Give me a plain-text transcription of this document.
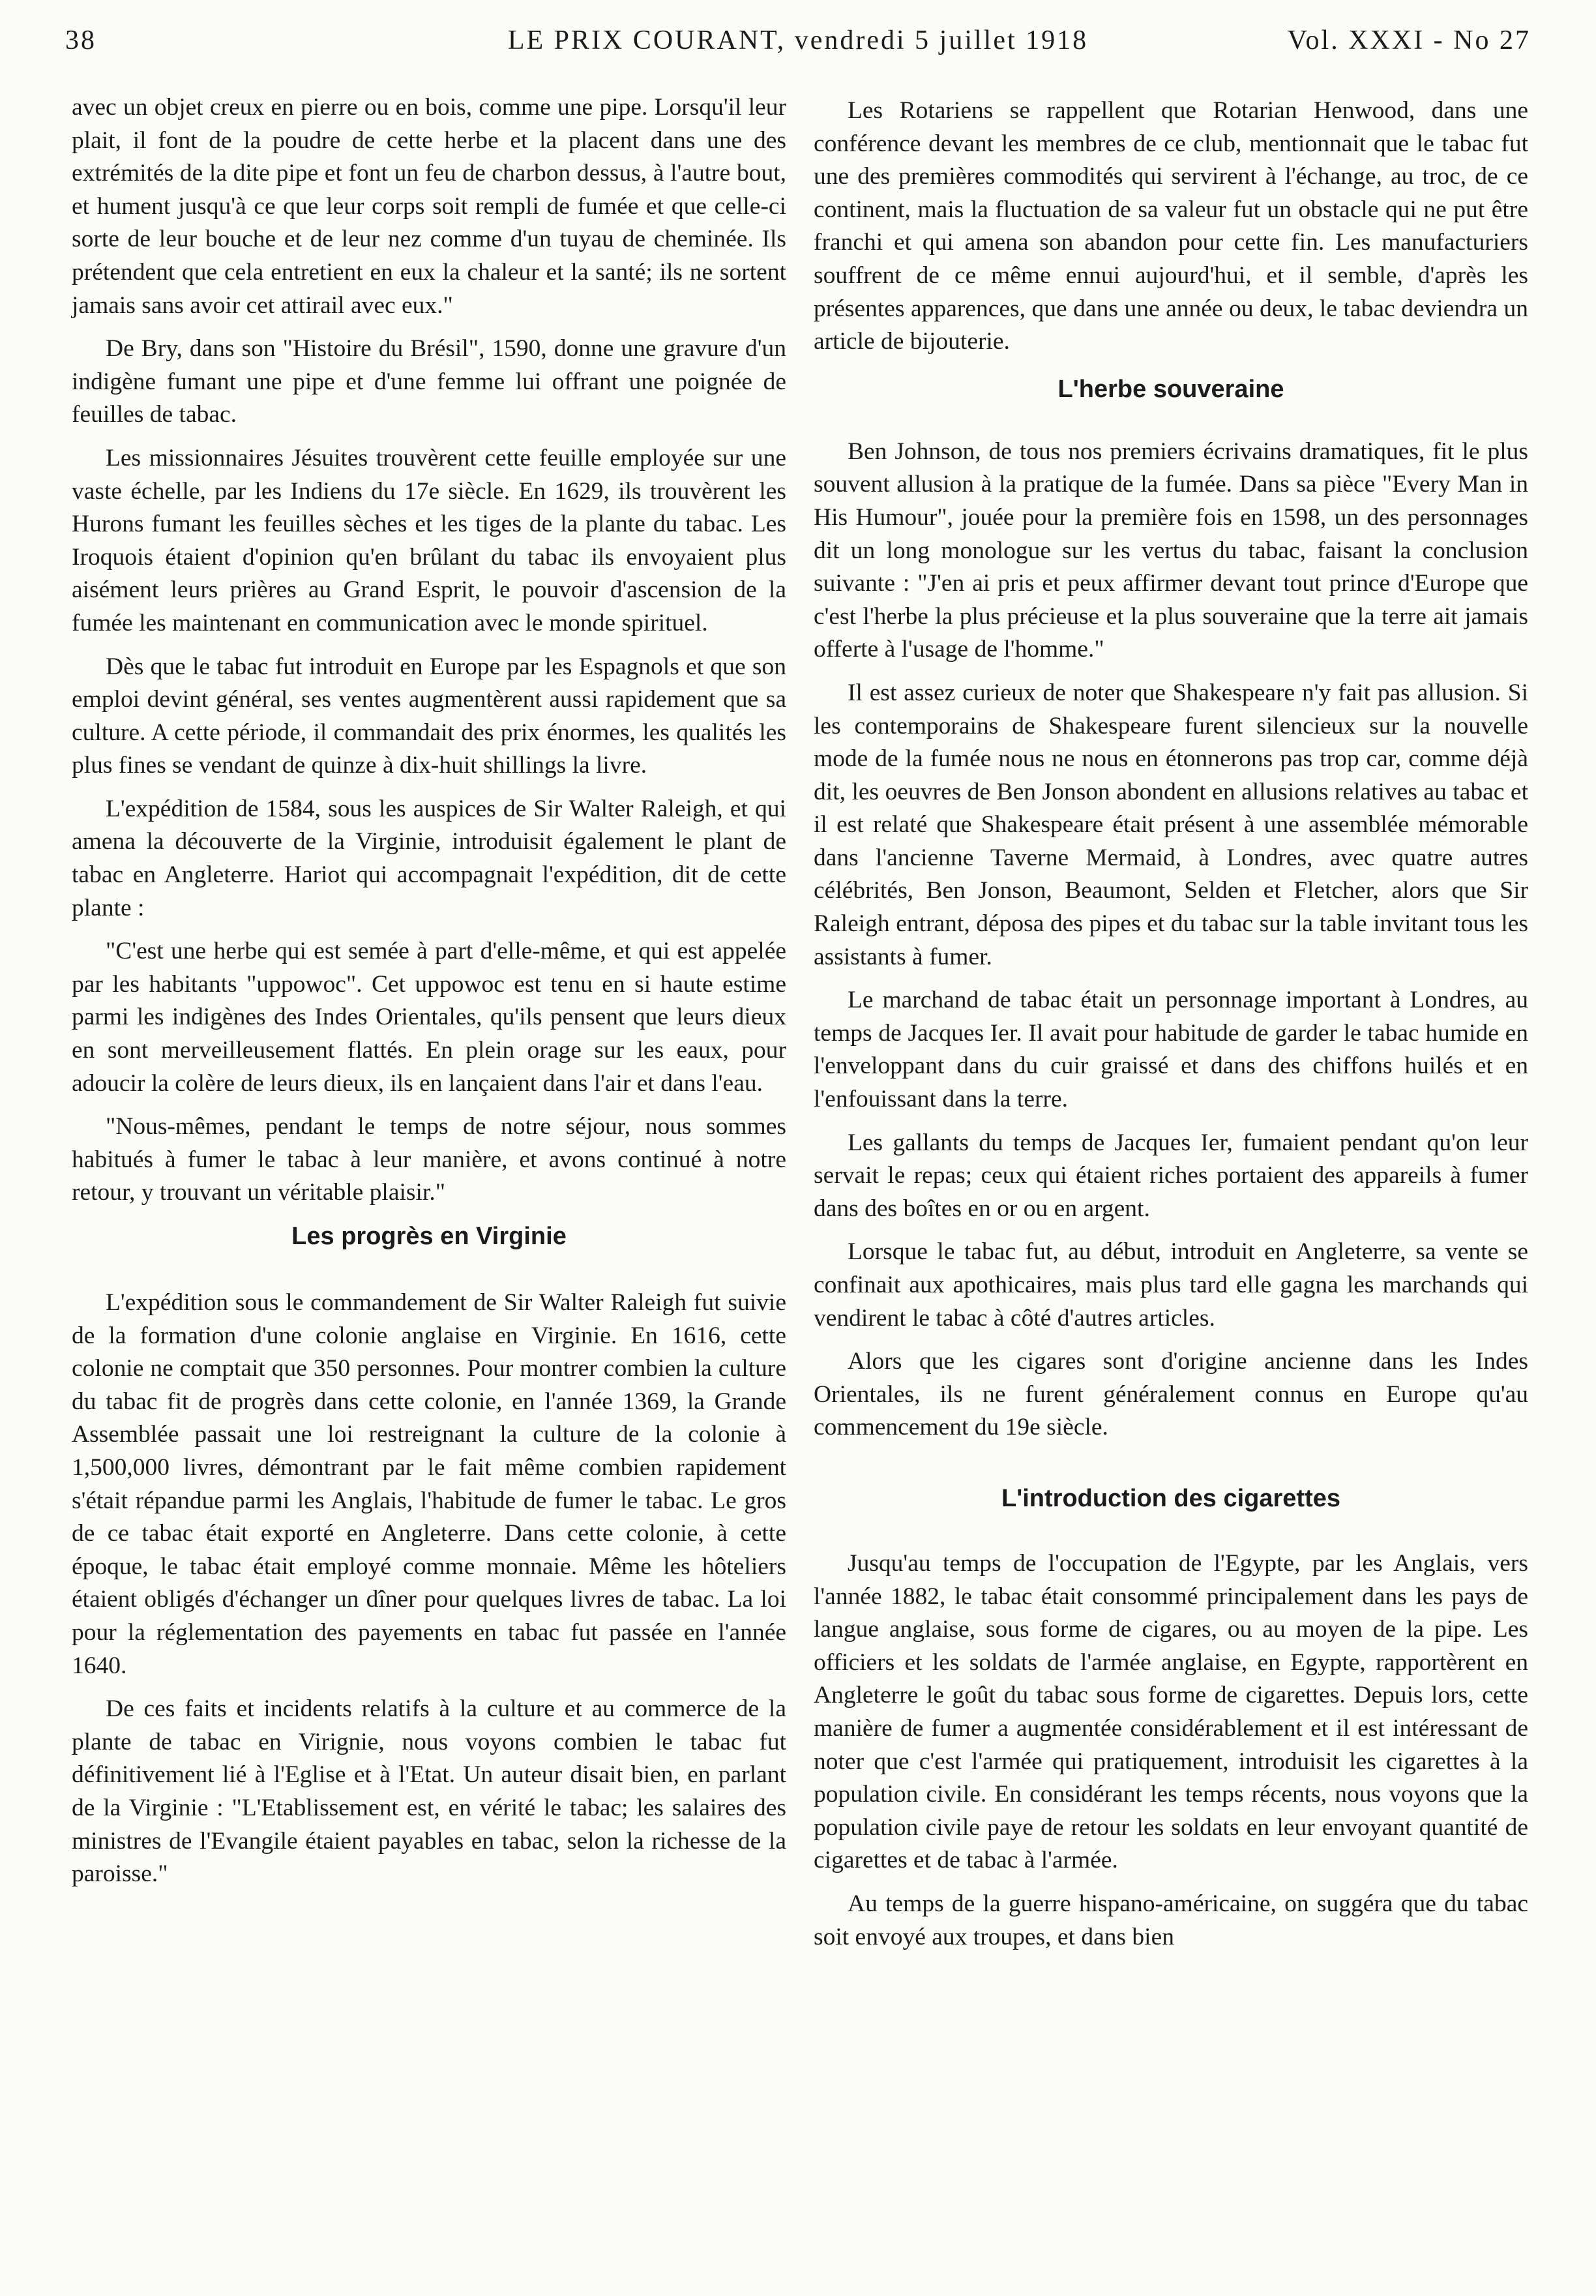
38	LE PRIX COURANT, vendredi 5 juillet 1918	Vol. XXXI - No 27

avec un objet creux en pierre ou en bois, comme une pipe. Lorsqu'il leur plait, il font de la poudre de cette herbe et la placent dans une des extrémités de la dite pipe et font un feu de charbon dessus, à l'autre bout, et hument jusqu'à ce que leur corps soit rempli de fumée et que celle-ci sorte de leur bouche et de leur nez comme d'un tuyau de cheminée. Ils prétendent que cela entretient en eux la chaleur et la santé; ils ne sortent jamais sans avoir cet attirail avec eux."

De Bry, dans son "Histoire du Brésil", 1590, donne une gravure d'un indigène fumant une pipe et d'une femme lui offrant une poignée de feuilles de tabac.

Les missionnaires Jésuites trouvèrent cette feuille employée sur une vaste échelle, par les Indiens du 17e siècle. En 1629, ils trouvèrent les Hurons fumant les feuilles sèches et les tiges de la plante du tabac. Les Iroquois étaient d'opinion qu'en brûlant du tabac ils envoyaient plus aisément leurs prières au Grand Esprit, le pouvoir d'ascension de la fumée les maintenant en communication avec le monde spirituel.

Dès que le tabac fut introduit en Europe par les Espagnols et que son emploi devint général, ses ventes augmentèrent aussi rapidement que sa culture. A cette période, il commandait des prix énormes, les qualités les plus fines se vendant de quinze à dix-huit shillings la livre.

L'expédition de 1584, sous les auspices de Sir Walter Raleigh, et qui amena la découverte de la Virginie, introduisit également le plant de tabac en Angleterre. Hariot qui accompagnait l'expédition, dit de cette plante :

"C'est une herbe qui est semée à part d'elle-même, et qui est appelée par les habitants "uppowoc". Cet uppowoc est tenu en si haute estime parmi les indigènes des Indes Orientales, qu'ils pensent que leurs dieux en sont merveilleusement flattés. En plein orage sur les eaux, pour adoucir la colère de leurs dieux, ils en lançaient dans l'air et dans l'eau.

"Nous-mêmes, pendant le temps de notre séjour, nous sommes habitués à fumer le tabac à leur manière, et avons continué à notre retour, y trouvant un véritable plaisir."

Les progrès en Virginie

L'expédition sous le commandement de Sir Walter Raleigh fut suivie de la formation d'une colonie anglaise en Virginie. En 1616, cette colonie ne comptait que 350 personnes. Pour montrer combien la culture du tabac fit de progrès dans cette colonie, en l'année 1369, la Grande Assemblée passait une loi restreignant la culture de la colonie à 1,500,000 livres, démontrant par le fait même combien rapidement s'était répandue parmi les Anglais, l'habitude de fumer le tabac. Le gros de ce tabac était exporté en Angleterre. Dans cette colonie, à cette époque, le tabac était employé comme monnaie. Même les hôteliers étaient obligés d'échanger un dîner pour quelques livres de tabac. La loi pour la réglementation des payements en tabac fut passée en l'année 1640.

De ces faits et incidents relatifs à la culture et au commerce de la plante de tabac en Virignie, nous voyons combien le tabac fut définitivement lié à l'Eglise et à l'Etat. Un auteur disait bien, en parlant de la Virginie : "L'Etablissement est, en vérité le tabac; les salaires des ministres de l'Evangile étaient payables en tabac, selon la richesse de la paroisse."

Les Rotariens se rappellent que Rotarian Henwood, dans une conférence devant les membres de ce club, mentionnait que le tabac fut une des premières commodités qui servirent à l'échange, au troc, de ce continent, mais la fluctuation de sa valeur fut un obstacle qui ne put être franchi et qui amena son abandon pour cette fin. Les manufacturiers souffrent de ce même ennui aujourd'hui, et il semble, d'après les présentes apparences, que dans une année ou deux, le tabac deviendra un article de bijouterie.

L'herbe souveraine

Ben Johnson, de tous nos premiers écrivains dramatiques, fit le plus souvent allusion à la pratique de la fumée. Dans sa pièce "Every Man in His Humour", jouée pour la première fois en 1598, un des personnages dit un long monologue sur les vertus du tabac, faisant la conclusion suivante : "J'en ai pris et peux affirmer devant tout prince d'Europe que c'est l'herbe la plus précieuse et la plus souveraine que la terre ait jamais offerte à l'usage de l'homme."

Il est assez curieux de noter que Shakespeare n'y fait pas allusion. Si les contemporains de Shakespeare furent silencieux sur la nouvelle mode de la fumée nous ne nous en étonnerons pas trop car, comme déjà dit, les oeuvres de Ben Jonson abondent en allusions relatives au tabac et il est relaté que Shakespeare était présent à une assemblée mémorable dans l'ancienne Taverne Mermaid, à Londres, avec quatre autres célébrités, Ben Jonson, Beaumont, Selden et Fletcher, alors que Sir Raleigh entrant, déposa des pipes et du tabac sur la table invitant tous les assistants à fumer.

Le marchand de tabac était un personnage important à Londres, au temps de Jacques Ier. Il avait pour habitude de garder le tabac humide en l'enveloppant dans du cuir graissé et dans des chiffons huilés et en l'enfouissant dans la terre.

Les gallants du temps de Jacques Ier, fumaient pendant qu'on leur servait le repas; ceux qui étaient riches portaient des appareils à fumer dans des boîtes en or ou en argent.

Lorsque le tabac fut, au début, introduit en Angleterre, sa vente se confinait aux apothicaires, mais plus tard elle gagna les marchands qui vendirent le tabac à côté d'autres articles.

Alors que les cigares sont d'origine ancienne dans les Indes Orientales, ils ne furent généralement connus en Europe qu'au commencement du 19e siècle.

L'introduction des cigarettes

Jusqu'au temps de l'occupation de l'Egypte, par les Anglais, vers l'année 1882, le tabac était consommé principalement dans les pays de langue anglaise, sous forme de cigares, ou au moyen de la pipe. Les officiers et les soldats de l'armée anglaise, en Egypte, rapportèrent en Angleterre le goût du tabac sous forme de cigarettes. Depuis lors, cette manière de fumer a augmentée considérablement et il est intéressant de noter que c'est l'armée qui pratiquement, introduisit les cigarettes à la population civile. En considérant les temps récents, nous voyons que la population civile paye de retour les soldats en leur envoyant quantité de cigarettes et de tabac à l'armée.

Au temps de la guerre hispano-américaine, on suggéra que du tabac soit envoyé aux troupes, et dans bien
